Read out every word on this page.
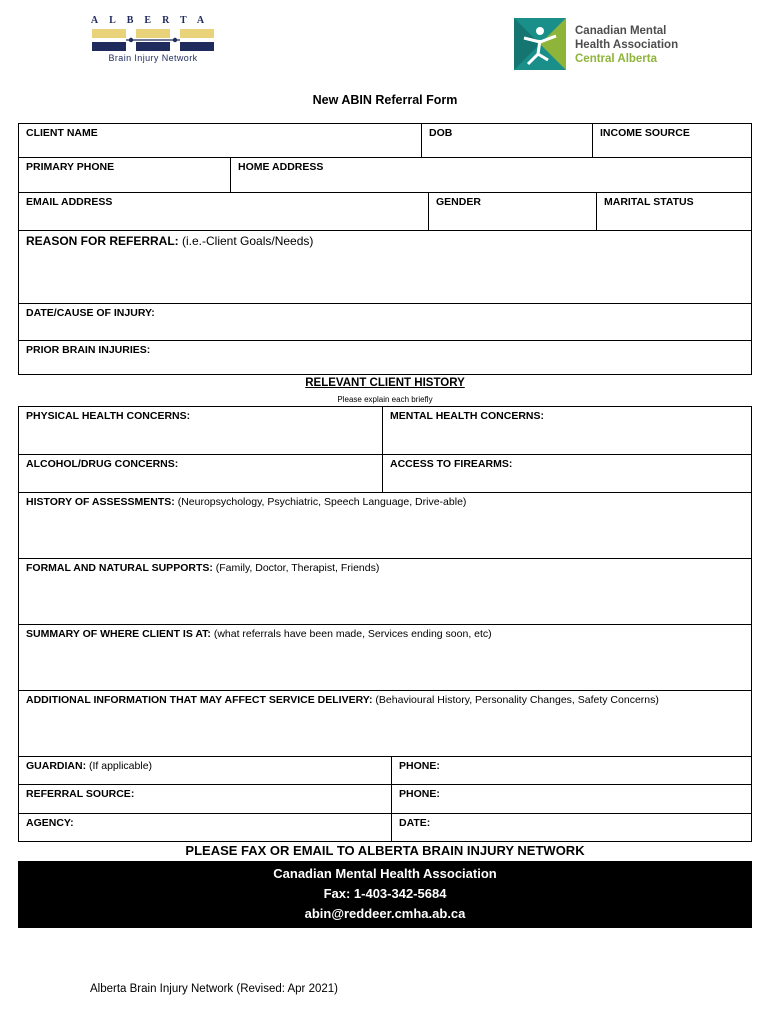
ALBERTA
Brain Injury Network
Canadian Mental
Health Association
Central Alberta
New ABIN Referral Form
CLIENT NAME	DOB	INCOME SOURCE
PRIMARY PHONE	HOME ADDRESS
EMAIL ADDRESS	GENDER	MARITAL STATUS
REASON FOR REFERRAL: (i.e.-Client Goals/Needs)
DATE/CAUSE OF INJURY:
PRIOR BRAIN INJURIES:
RELEVANT CLIENT HISTORY
Please explain each briefly
PHYSICAL HEALTH CONCERNS:	MENTAL HEALTH CONCERNS:
ALCOHOL/DRUG CONCERNS:	ACCESS TO FIREARMS:
HISTORY OF ASSESSMENTS: (Neuropsychology, Psychiatric, Speech Language, Drive-able)
FORMAL AND NATURAL SUPPORTS: (Family, Doctor, Therapist, Friends)
SUMMARY OF WHERE CLIENT IS AT: (what referrals have been made, Services ending soon, etc)
ADDITIONAL INFORMATION THAT MAY AFFECT SERVICE DELIVERY: (Behavioural History, Personality Changes, Safety Concerns)
GUARDIAN: (If applicable)	PHONE:
REFERRAL SOURCE:	PHONE:
AGENCY:	DATE:
PLEASE FAX OR EMAIL TO ALBERTA BRAIN INJURY NETWORK
Canadian Mental Health Association
Fax: 1-403-342-5684
abin@reddeer.cmha.ab.ca
Alberta Brain Injury Network (Revised: Apr 2021)
